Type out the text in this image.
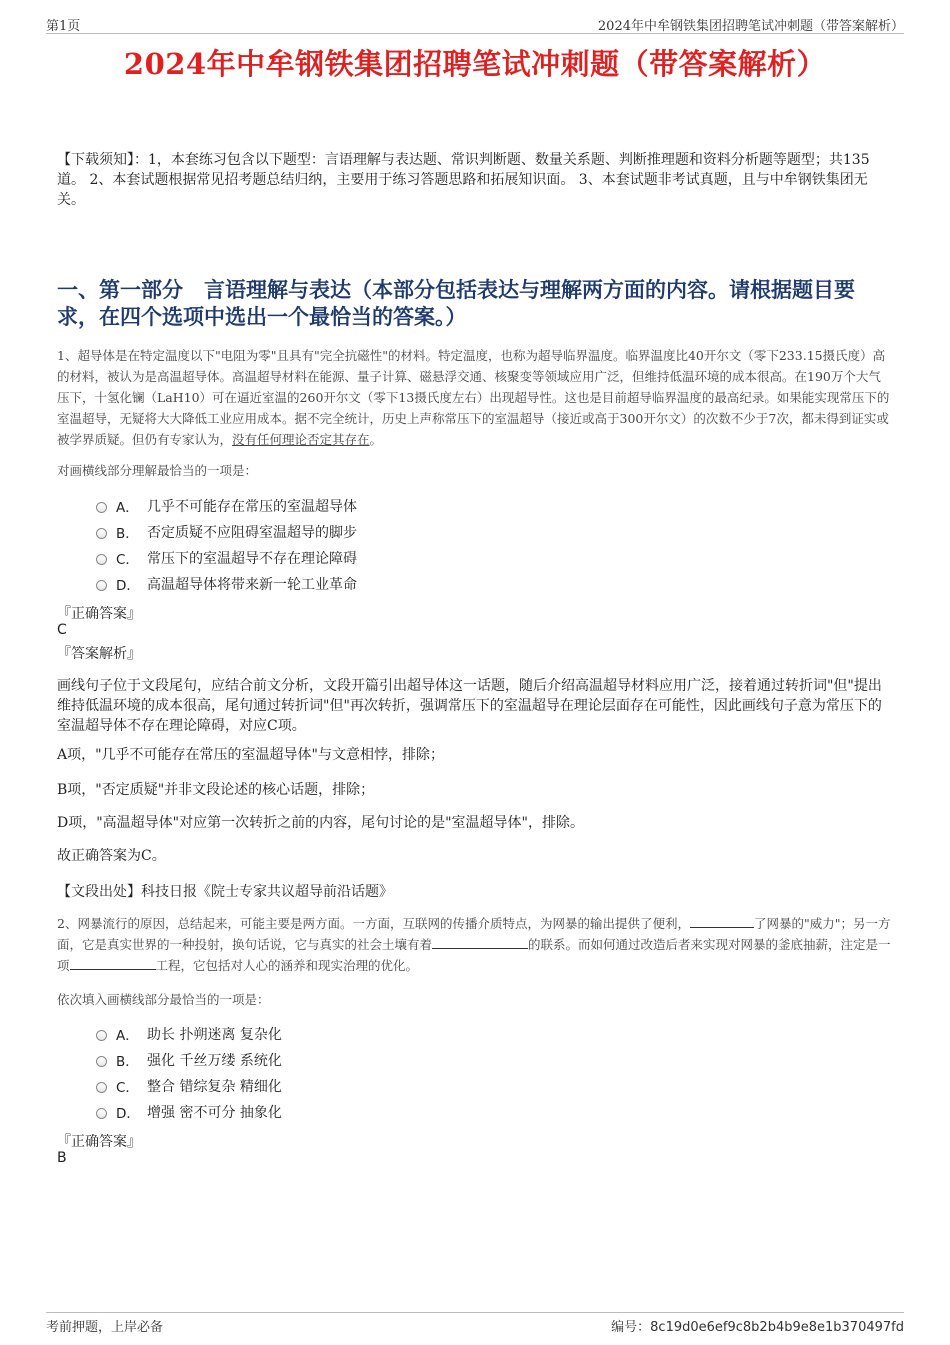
第1页	2024年中牟钢铁集团招聘笔试冲刺题（带答案解析）
2024年中牟钢铁集团招聘笔试冲刺题（带答案解析）

【下载须知】：1，本套练习包含以下题型：言语理解与表达题、常识判断题、数量关系题、判断推理题和资料分析题等题型；共135道。 2、本套试题根据常见招考题总结归纳，主要用于练习答题思路和拓展知识面。 3、本套试题非考试真题，且与中牟钢铁集团无关。

一、第一部分　言语理解与表达（本部分包括表达与理解两方面的内容。请根据题目要求，在四个选项中选出一个最恰当的答案。）

1、超导体是在特定温度以下"电阻为零"且具有"完全抗磁性"的材料。特定温度，也称为超导临界温度。临界温度比40开尔文（零下233.15摄氏度）高的材料，被认为是高温超导体。高温超导材料在能源、量子计算、磁悬浮交通、核聚变等领域应用广泛，但维持低温环境的成本很高。在190万个大气压下，十氢化镧（LaH10）可在逼近室温的260开尔文（零下13摄氏度左右）出现超导性。这也是目前超导临界温度的最高纪录。如果能实现常压下的室温超导，无疑将大大降低工业应用成本。据不完全统计，历史上声称常压下的室温超导（接近或高于300开尔文）的次数不少于7次，都未得到证实或被学界质疑。但仍有专家认为，没有任何理论否定其存在。

对画横线部分理解最恰当的一项是：
A． 几乎不可能存在常压的室温超导体
B． 否定质疑不应阻碍室温超导的脚步
C． 常压下的室温超导不存在理论障碍
D． 高温超导体将带来新一轮工业革命
『正确答案』
C
『答案解析』

画线句子位于文段尾句，应结合前文分析，文段开篇引出超导体这一话题，随后介绍高温超导材料应用广泛，接着通过转折词"但"提出维持低温环境的成本很高，尾句通过转折词"但"再次转折，强调常压下的室温超导在理论层面存在可能性，因此画线句子意为常压下的室温超导体不存在理论障碍，对应C项。

A项，"几乎不可能存在常压的室温超导体"与文意相悖，排除；

B项，"否定质疑"并非文段论述的核心话题，排除；

D项，"高温超导体"对应第一次转折之前的内容，尾句讨论的是"室温超导体"，排除。

故正确答案为C。

【文段出处】科技日报《院士专家共议超导前沿话题》

2、网暴流行的原因，总结起来，可能主要是两方面。一方面，互联网的传播介质特点，为网暴的输出提供了便利，	了网暴的"威力"；另一方面，它是真实世界的一种投射，换句话说，它与真实的社会土壤有着	的联系。而如何通过改造后者来实现对网暴的釜底抽薪，注定是一项	工程，它包括对人心的涵养和现实治理的优化。

依次填入画横线部分最恰当的一项是：
A． 助长 扑朔迷离 复杂化
B． 强化 千丝万缕 系统化
C． 整合 错综复杂 精细化
D． 增强 密不可分 抽象化
『正确答案』
B
考前押题，上岸必备	编号：8c19d0e6ef9c8b2b4b9e8e1b370497fd
